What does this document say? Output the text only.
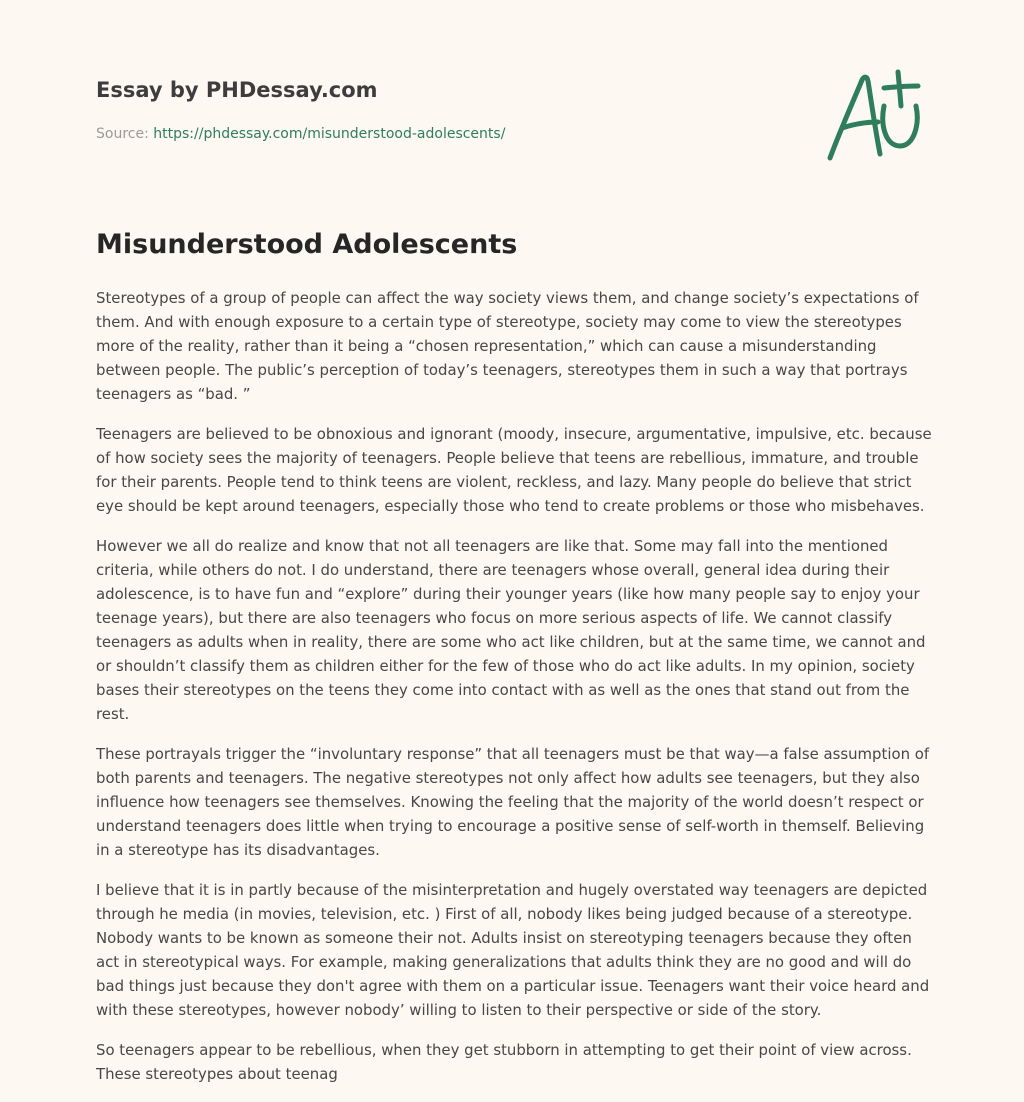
Essay by PHDessay.com
Source: https://phdessay.com/misunderstood-adolescents/
Misunderstood Adolescents

Stereotypes of a group of people can affect the way society views them, and change society’s expectations of them. And with enough exposure to a certain type of stereotype, society may come to view the stereotypes more of the reality, rather than it being a “chosen representation,” which can cause a misunderstanding between people. The public’s perception of today’s teenagers, stereotypes them in such a way that portrays teenagers as “bad. ”

Teenagers are believed to be obnoxious and ignorant (moody, insecure, argumentative, impulsive, etc. because of how society sees the majority of teenagers. People believe that teens are rebellious, immature, and trouble for their parents. People tend to think teens are violent, reckless, and lazy. Many people do believe that strict eye should be kept around teenagers, especially those who tend to create problems or those who misbehaves.

However we all do realize and know that not all teenagers are like that. Some may fall into the mentioned criteria, while others do not. I do understand, there are teenagers whose overall, general idea during their adolescence, is to have fun and “explore” during their younger years (like how many people say to enjoy your teenage years), but there are also teenagers who focus on more serious aspects of life. We cannot classify teenagers as adults when in reality, there are some who act like children, but at the same time, we cannot and or shouldn’t classify them as children either for the few of those who do act like adults. In my opinion, society bases their stereotypes on the teens they come into contact with as well as the ones that stand out from the rest.

These portrayals trigger the “involuntary response” that all teenagers must be that way—a false assumption of both parents and teenagers. The negative stereotypes not only affect how adults see teenagers, but they also influence how teenagers see themselves. Knowing the feeling that the majority of the world doesn’t respect or understand teenagers does little when trying to encourage a positive sense of self-worth in themself. Believing in a stereotype has its disadvantages.

I believe that it is in partly because of the misinterpretation and hugely overstated way teenagers are depicted through he media (in movies, television, etc. ) First of all, nobody likes being judged because of a stereotype. Nobody wants to be known as someone their not. Adults insist on stereotyping teenagers because they often act in stereotypical ways. For example, making generalizations that adults think they are no good and will do bad things just because they don't agree with them on a particular issue. Teenagers want their voice heard and with these stereotypes, however nobody’ willing to listen to their perspective or side of the story.

So teenagers appear to be rebellious, when they get stubborn in attempting to get their point of view across. These stereotypes about teenag
